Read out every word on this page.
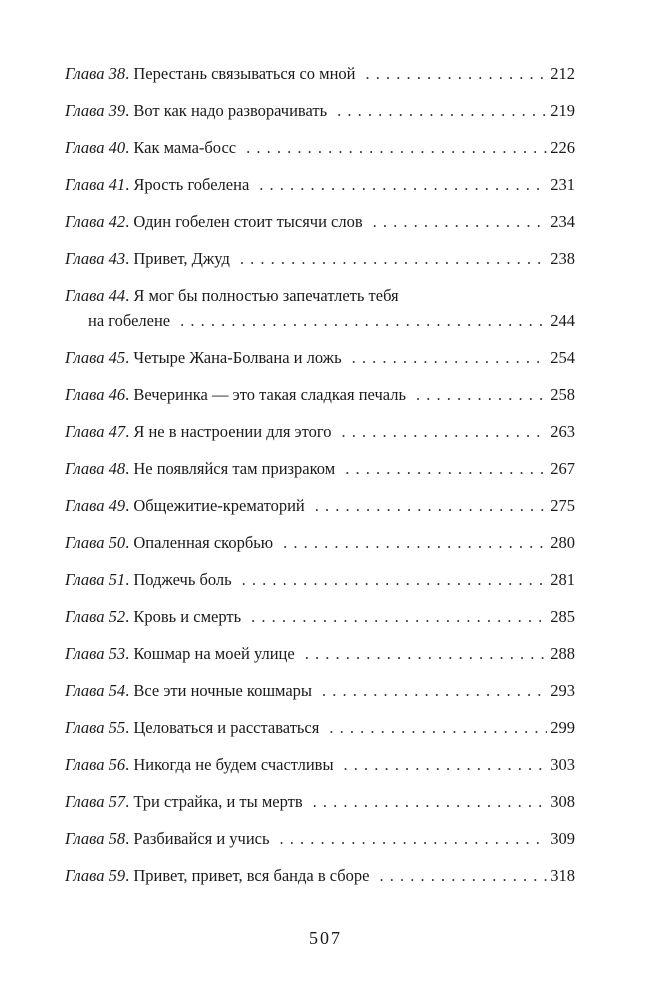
Глава 38 . Перестань связываться со мной . . .	212
Глава 39 . Вот как надо разворачивать . . .	219
Глава 40 . Как мама-босс . . .	226
Глава 41 . Ярость гобелена . . .	231
Глава 42 . Один гобелен стоит тысячи слов . . .	234
Глава 43 . Привет, Джуд . . .	238
Глава 44. Я мог бы полностью запечатлеть тебя
на гобелене . . .	244
Глава 45 . Четыре Жана-Болвана и ложь . . .	254
Глава 46 . Вечеринка — это такая сладкая печаль . . .	258
Глава 47 . Я не в настроении для этого . . .	263
Глава 48 . Не появляйся там призраком . . .	267
Глава 49 . Общежитие-крематорий . . .	275
Глава 50 . Опаленная скорбью . . .	280
Глава 51 . Поджечь боль . . .	281
Глава 52 . Кровь и смерть . . .	285
Глава 53 . Кошмар на моей улице . . .	288
Глава 54 . Все эти ночные кошмары . . .	293
Глава 55 . Целоваться и расставаться . . .	299
Глава 56 . Никогда не будем счастливы . . .	303
Глава 57 . Три страйка, и ты мертв . . .	308
Глава 58 . Разбивайся и учись . . .	309
Глава 59 . Привет, привет, вся банда в сборе . . .	318
507
